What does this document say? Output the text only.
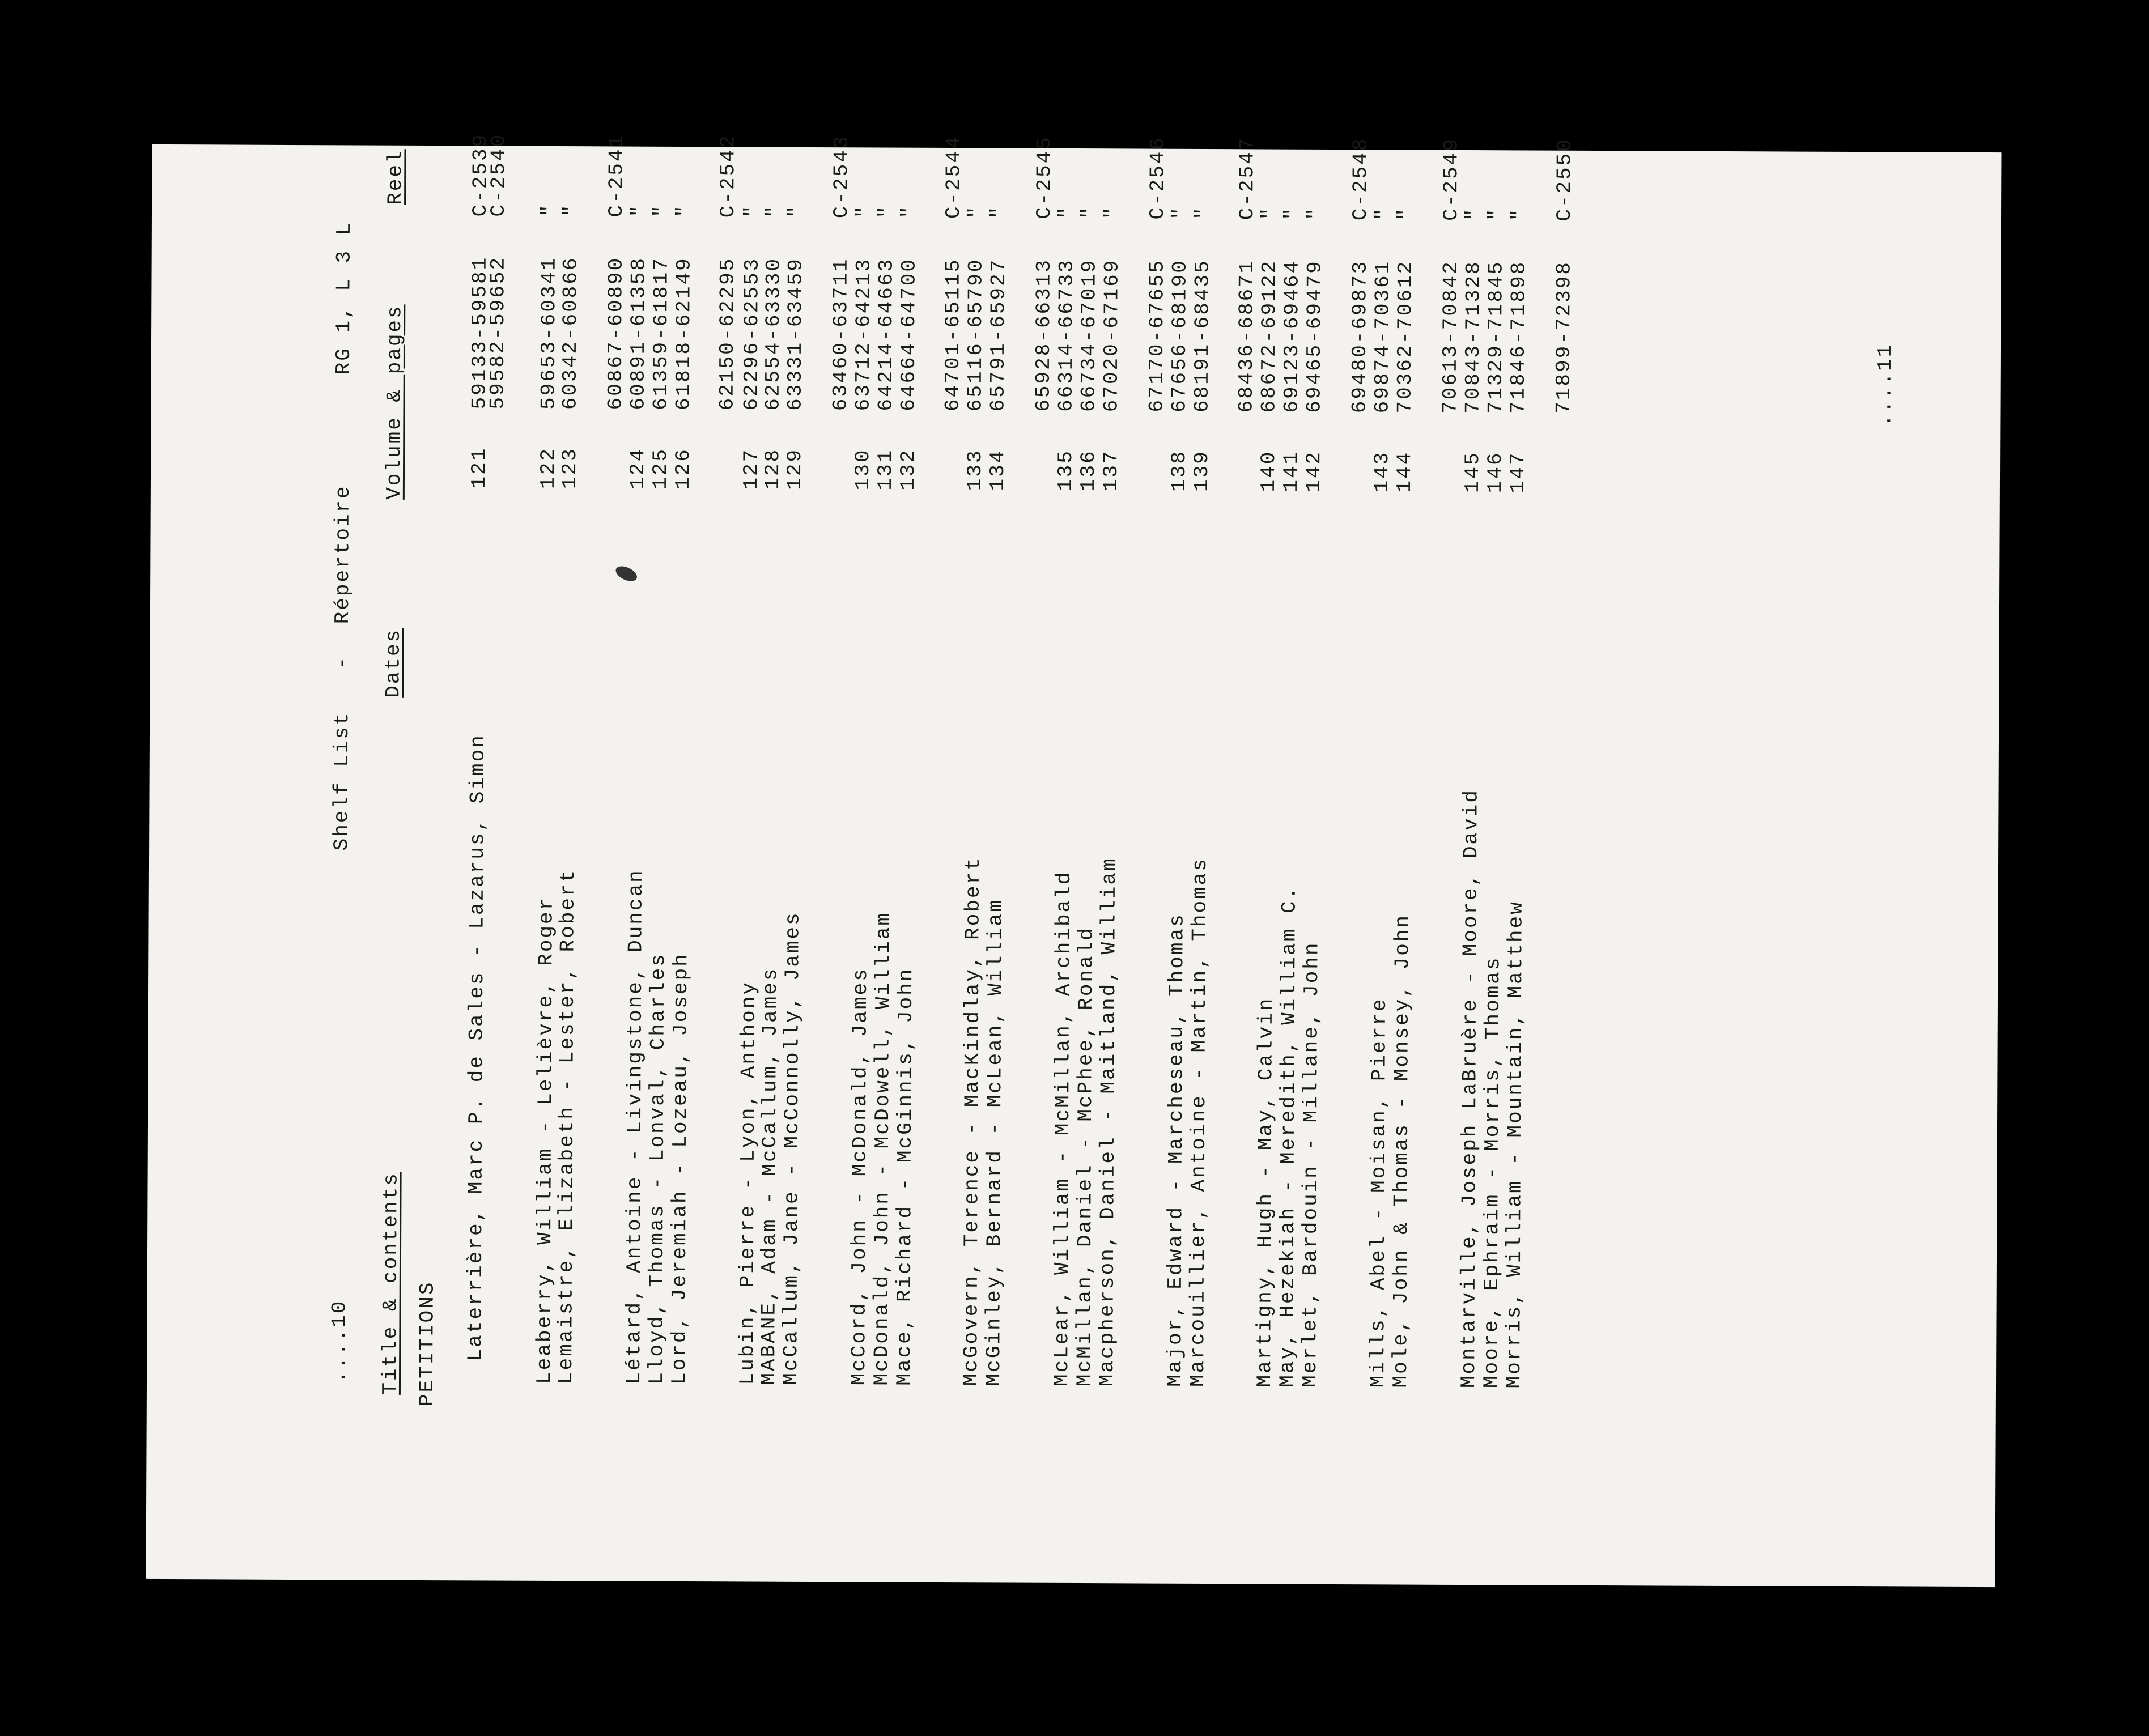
....10
Shelf List
-
Répertoire
RG 1, L 3 L
Title & contents
Dates
Volume & pages
Reel
PETITIONS Laterrière, Marc P. de Sales - Lazarus, Simon
121
59133-59581
C-2539
59582-59652
C-2540
Leaberry, William - Lelièvre, Roger
122
59653-60341
"
Lemaistre, Elizabeth - Lester, Robert
123
60342-60866
"
60867-60890
C-2541
Létard, Antoine - Livingstone, Duncan
124
60891-61358
"
Lloyd, Thomas - Lonval, Charles
125
61359-61817
"
Lord, Jeremiah - Lozeau, Joseph
126
61818-62149
"
62150-62295
C-2542
Lubin, Pierre - Lyon, Anthony
127
62296-62553
"
MABANE, Adam - McCallum, James
128
62554-63330
"
McCallum, Jane - McConnolly, James
129
63331-63459
"
63460-63711
C-2543
McCord, John - McDonald, James
130
63712-64213
"
McDonald, John - McDowell, William
131
64214-64663
"
Mace, Richard - McGinnis, John
132
64664-64700
"
64701-65115
C-2544
McGovern, Terence - MacKindlay, Robert
133
65116-65790
"
McGinley, Bernard - McLean, William
134
65791-65927
"
65928-66313
C-2545
McLear, William - McMillan, Archibald
135
66314-66733
"
McMillan, Daniel - McPhee, Ronald
136
66734-67019
"
Macpherson, Daniel - Maitland, William
137
67020-67169
"
67170-67655
C-2546
Major, Edward - Marcheseau, Thomas
138
67656-68190
"
Marcouillier, Antoine - Martin, Thomas
139
68191-68435
"
68436-68671
C-2547
Martigny, Hugh - May, Calvin
140
68672-69122
"
May, Hezekiah - Meredith, William C.
141
69123-69464
"
Merlet, Bardouin - Millane, John
142
69465-69479
"
69480-69873
C-2548
Mills, Abel - Moisan, Pierre
143
69874-70361
"
Mole, John & Thomas - Monsey, John
144
70362-70612
"
70613-70842
C-2549
Montarville, Joseph LaBruère - Moore, David
145
70843-71328
"
Moore, Ephraim - Morris, Thomas
146
71329-71845
"
Morris, William - Mountain, Matthew
147
71846-71898
"
71899-72398
C-2550
....11
